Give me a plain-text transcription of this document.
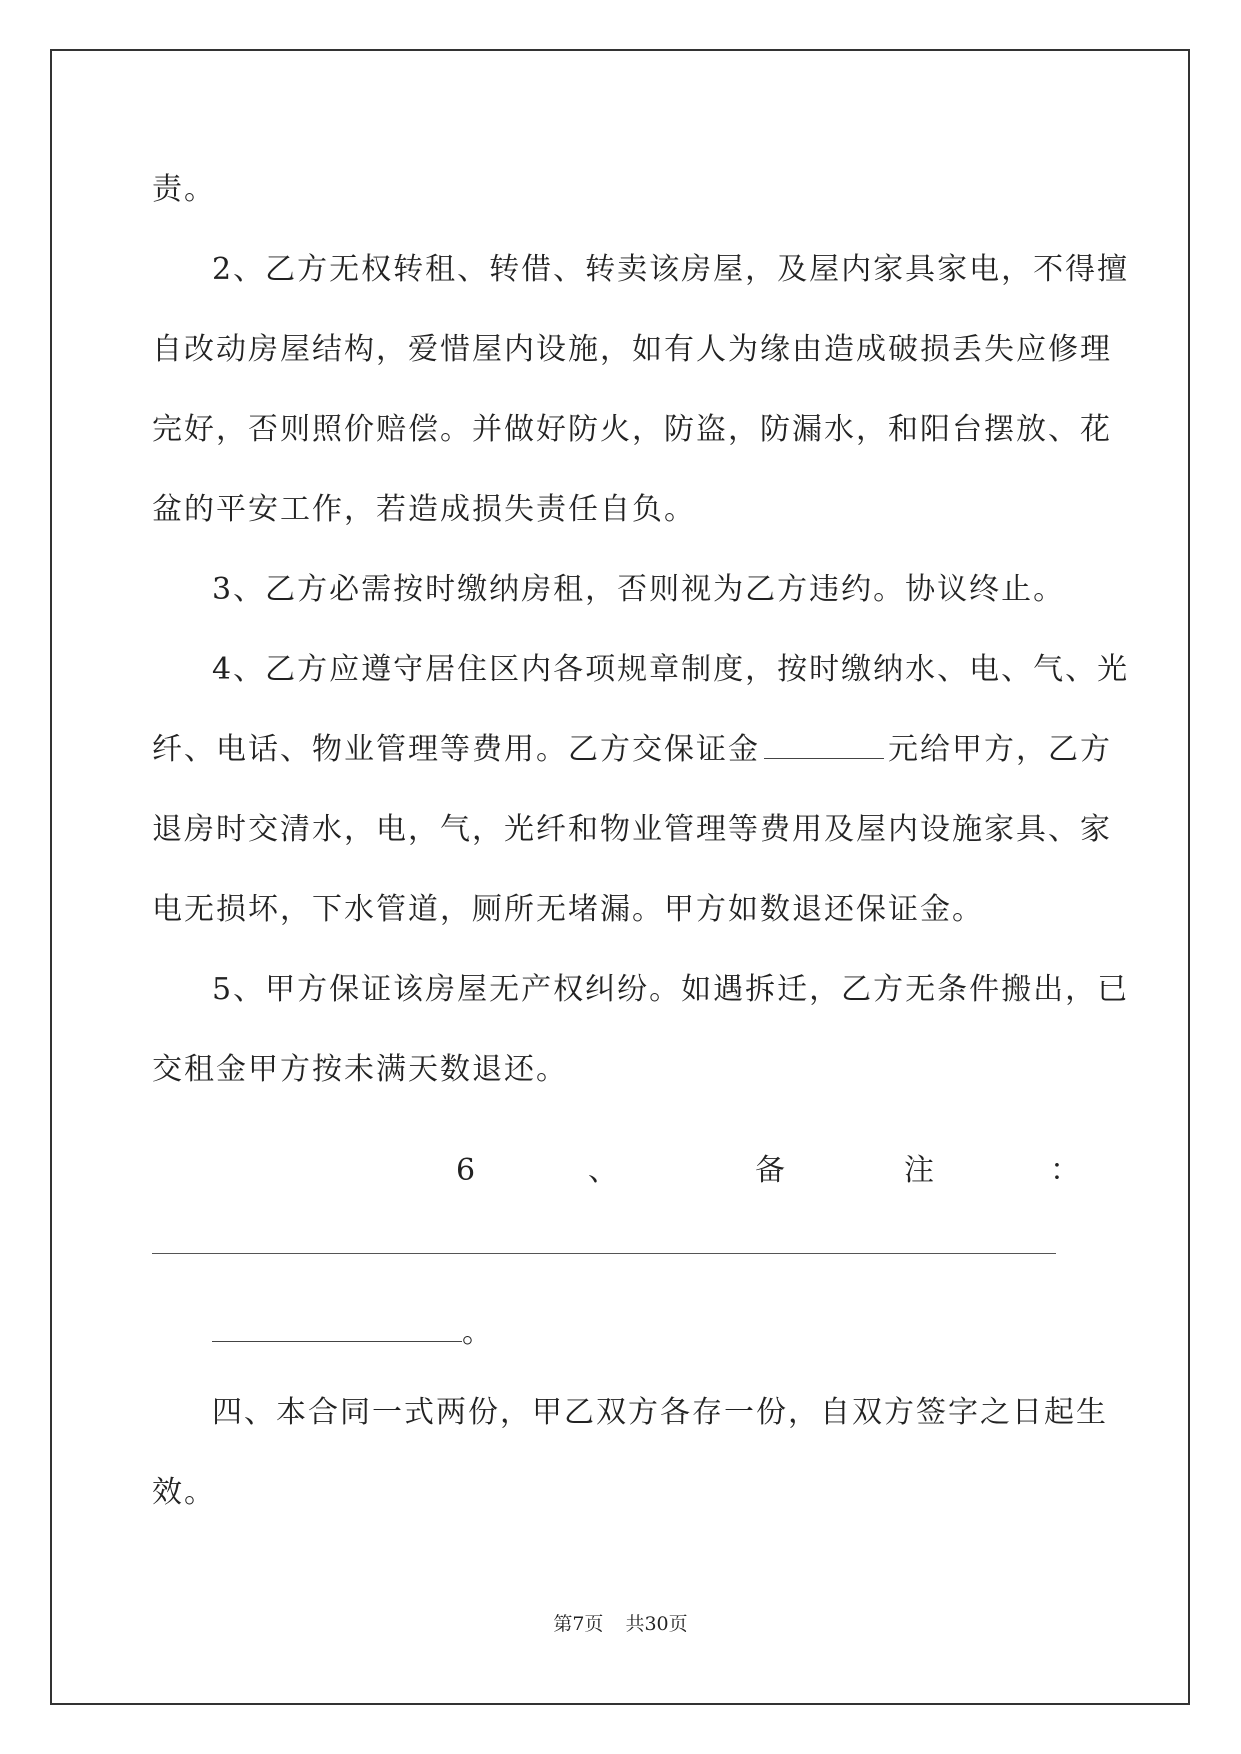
责。
2、乙方无权转租、转借、转卖该房屋，及屋内家具家电，不得擅
自改动房屋结构，爱惜屋内设施，如有人为缘由造成破损丢失应修理
完好，否则照价赔偿。并做好防火，防盗，防漏水，和阳台摆放、花
盆的平安工作，若造成损失责任自负。
3、乙方必需按时缴纳房租，否则视为乙方违约。协议终止。
4、乙方应遵守居住区内各项规章制度，按时缴纳水、电、气、光
纤、电话、物业管理等费用。乙方交保证金	元给甲方，乙方
退房时交清水，电，气，光纤和物业管理等费用及屋内设施家具、家
电无损坏，下水管道，厕所无堵漏。甲方如数退还保证金。
5、甲方保证该房屋无产权纠纷。如遇拆迁，乙方无条件搬出，已
交租金甲方按未满天数退还。
6	、	备	注	：
。
四、本合同一式两份，甲乙双方各存一份，自双方签字之日起生
效。
第7页 共30页
